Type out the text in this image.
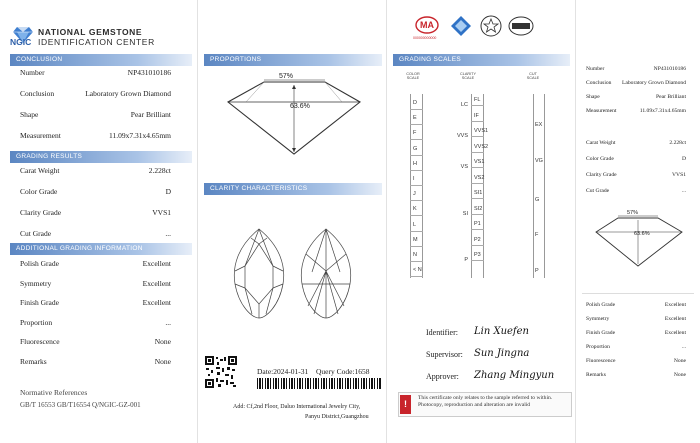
NATIONAL GEMSTONE
NGIC IDENTIFICATION CENTER
CONCLUSION
Number	NP431010186
Conclusion	Laboratory Grown Diamond
Shape	Pear Brilliant
Measurement	11.09x7.31x4.65mm
GRADING RESULTS
Carat Weight	2.228ct
Color Grade	D
Clarity Grade	VVS1
Cut Grade	...
ADDITIONAL GRADING INFORMATION
Polish Grade	Excellent
Symmetry	Excellent
Finish Grade	Excellent
Proportion	...
Fluorescence	None
Remarks	None
Normative References
GB/T 16553 GB/T16554 Q/NGIC-GZ-001
PROPORTIONS
57%
63.6%
CLARITY CHARACTERISTICS
Date:2024-01-31 Query Code:1658
Add: Cf,2nd Floor, Daluo International Jewelry City,
Panyu District,Guangzhou
MA
000000000000
GRADING SCALES
COLOR SCALE
CLARITY SCALE
CUT SCALE
D
E
F
G
H
I
J
K
L
M
N
< N
LC
VVS
VS
SI
P
FL
IF
VVS1
VVS2
VS1
VS2
SI1
SI2
P1
P2
P3
EX
VG
G
F
P
Identifier: Lin Xuefen
Supervisor: Sun Jingna
Approver: Zhang Mingyun
!
This certificate only relates to the sample referred to within. Photocopy, reproduction and alteration are invalid
Number	NP431010186
Conclusion	Laboratory Grown Diamond
Shape	Pear Brilliant
Measurement	11.09x7.31x4.65mm
Carat Weight	2.228ct
Color Grade	D
Clarity Grade	VVS1
Cut Grade	...
57%
63.6%
Polish Grade	Excellent
Symmetry	Excellent
Finish Grade	Excellent
Proportion	...
Fluorescence	None
Remarks	None
